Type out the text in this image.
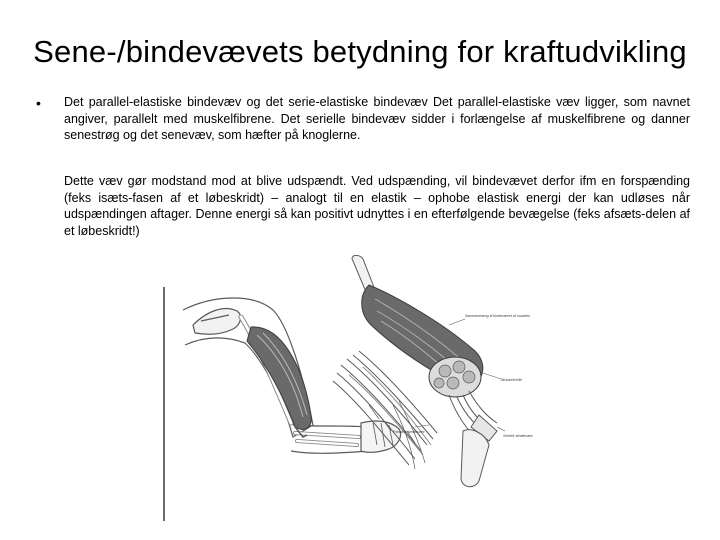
Sene-/bindevævets betydning for kraftudvikling
• Det parallel-elastiske bindevæv og det serie-elastiske bindevæv Det parallel-elastiske væv ligger, som navnet angiver, parallelt med muskelfibrene. Det serielle bindevæv sidder i forlængelse af muskelfibrene og danner senestrøg og det senevæv, som hæfter på knoglerne.

Dette væv gør modstand mod at blive udspændt. Ved udspænding, vil bindevævet derfor ifm en forspænding (feks isæts-fasen af et løbeskridt) – analogt til en elastik – ophobe elastisk energi der kan udløses når udspændingen aftager. Denne energi så kan positivt udnyttes i en efterfølgende bevægelse (feks afsæts-delen af et løbeskridt!)

Sammenhæng til bindevævet af musklen
Muskelcelle
Parallel bindevæv
Serielt bindevæv
